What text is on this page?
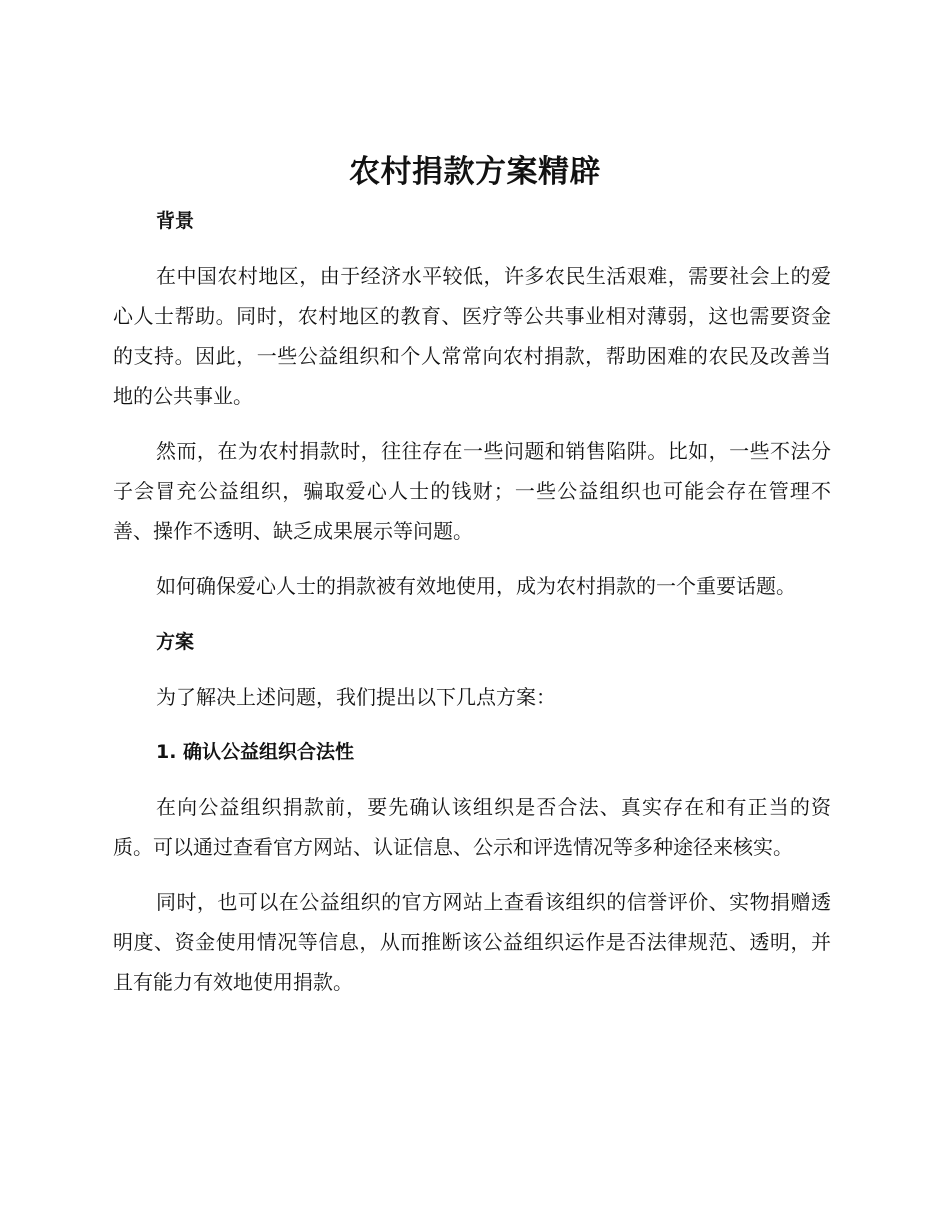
农村捐款方案精辟

背景

在中国农村地区，由于经济水平较低，许多农民生活艰难，需要社会上的爱心人士帮助。同时，农村地区的教育、医疗等公共事业相对薄弱，这也需要资金的支持。因此，一些公益组织和个人常常向农村捐款，帮助困难的农民及改善当地的公共事业。

然而，在为农村捐款时，往往存在一些问题和销售陷阱。比如，一些不法分子会冒充公益组织，骗取爱心人士的钱财；一些公益组织也可能会存在管理不善、操作不透明、缺乏成果展示等问题。

如何确保爱心人士的捐款被有效地使用，成为农村捐款的一个重要话题。

方案

为了解决上述问题，我们提出以下几点方案：

1. 确认公益组织合法性

在向公益组织捐款前，要先确认该组织是否合法、真实存在和有正当的资质。可以通过查看官方网站、认证信息、公示和评选情况等多种途径来核实。

同时，也可以在公益组织的官方网站上查看该组织的信誉评价、实物捐赠透明度、资金使用情况等信息，从而推断该公益组织运作是否法律规范、透明，并且有能力有效地使用捐款。
